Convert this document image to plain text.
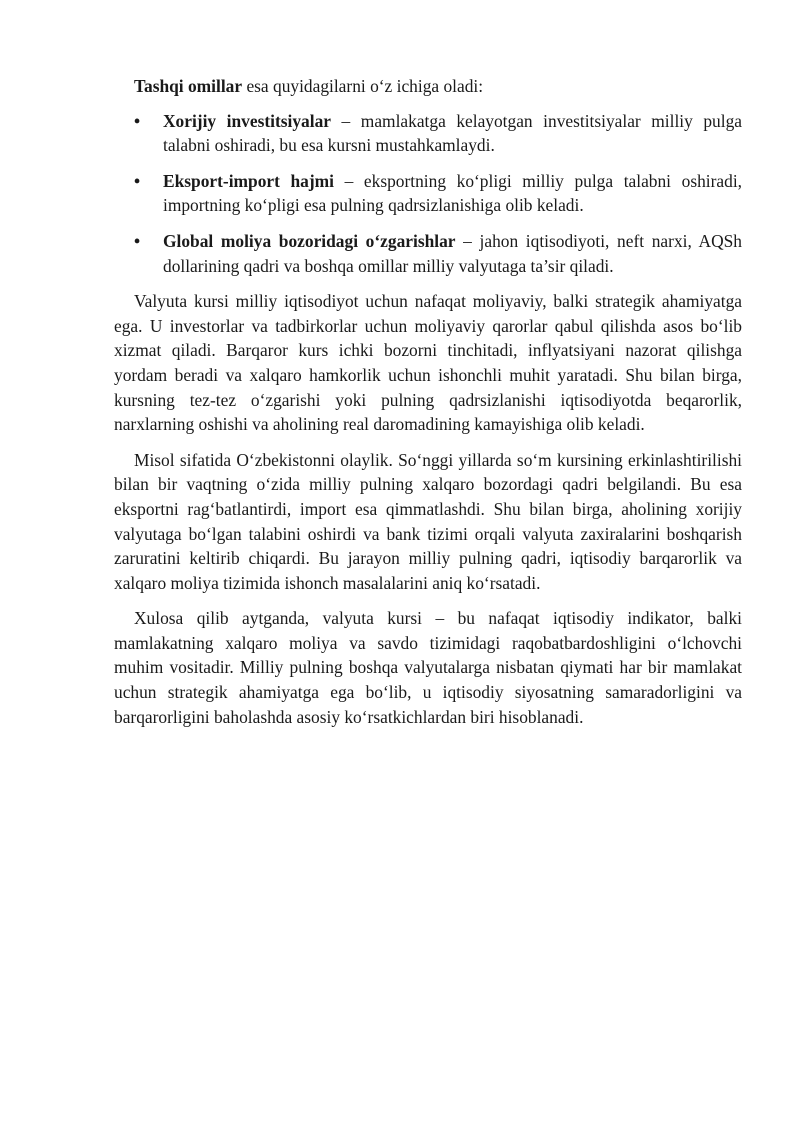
Tashqi omillar esa quyidagilarni o‘z ichiga oladi:

• Xorijiy investitsiyalar – mamlakatga kelayotgan investitsiyalar milliy pulga talabni oshiradi, bu esa kursni mustahkamlaydi.
• Eksport-import hajmi – eksportning ko‘pligi milliy pulga talabni oshiradi, importning ko‘pligi esa pulning qadrsizlanishiga olib keladi.
• Global moliya bozoridagi o‘zgarishlar – jahon iqtisodiyoti, neft narxi, AQSh dollarining qadri va boshqa omillar milliy valyutaga ta’sir qiladi.

Valyuta kursi milliy iqtisodiyot uchun nafaqat moliyaviy, balki strategik ahamiyatga ega. U investorlar va tadbirkorlar uchun moliyaviy qarorlar qabul qilishda asos bo‘lib xizmat qiladi. Barqaror kurs ichki bozorni tinchitadi, inflyatsiyani nazorat qilishga yordam beradi va xalqaro hamkorlik uchun ishonchli muhit yaratadi. Shu bilan birga, kursning tez-tez o‘zgarishi yoki pulning qadrsizlanishi iqtisodiyotda beqarorlik, narxlarning oshishi va aholining real daromadining kamayishiga olib keladi.

Misol sifatida O‘zbekistonni olaylik. So‘nggi yillarda so‘m kursining erkinlashtirilishi bilan bir vaqtning o‘zida milliy pulning xalqaro bozordagi qadri belgilandi. Bu esa eksportni rag‘batlantirdi, import esa qimmatlashdi. Shu bilan birga, aholining xorijiy valyutaga bo‘lgan talabini oshirdi va bank tizimi orqali valyuta zaxiralarini boshqarish zaruratini keltirib chiqardi. Bu jarayon milliy pulning qadri, iqtisodiy barqarorlik va xalqaro moliya tizimida ishonch masalalarini aniq ko‘rsatadi.

Xulosa qilib aytganda, valyuta kursi – bu nafaqat iqtisodiy indikator, balki mamlakatning xalqaro moliya va savdo tizimidagi raqobatbardoshligini o‘lchovchi muhim vositadir. Milliy pulning boshqa valyutalarga nisbatan qiymati har bir mamlakat uchun strategik ahamiyatga ega bo‘lib, u iqtisodiy siyosatning samaradorligini va barqarorligini baholashda asosiy ko‘rsatkichlardan biri hisoblanadi.
